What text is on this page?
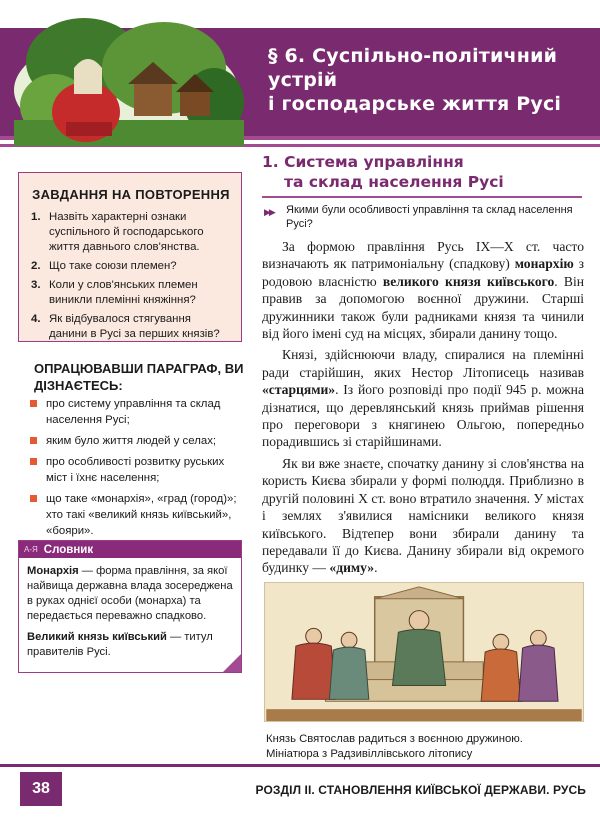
§ 6. Суспільно-політичний устрій
і господарське життя Русі
ЗАВДАННЯ НА ПОВТОРЕННЯ
1. Назвіть характерні ознаки суспільного й господарського життя давнього слов'янства.
2. Що таке союзи племен?
3. Коли у слов'янських племен виникли племінні княжіння?
4. Як відбувалося стягування данини в Русі за перших князів?
ОПРАЦЮВАВШИ ПАРАГРАФ, ВИ ДІЗНАЄТЕСЬ:
про систему управління та склад населення Русі;
яким було життя людей у селах;
про особливості розвитку руських міст і їхнє населення;
що таке «монархія», «град (город)»; хто такі «великий князь київський», «бояри».
А-Я Словник

Монархія — форма правління, за якої найвища державна влада зосереджена в руках однієї особи (монарха) та передається переважно спадково.

Великий князь київський — титул правителів Русі.

1. Система управління
та склад населення Русі
▶▶	Якими були особливості управління та склад населення Русі?

За формою правління Русь IX—X ст. часто визначають як патримоніальну (спадкову) монархію з родовою власністю великого князя київського. Він правив за допомогою воєнної дружини. Старші дружинники також були радниками князя та чинили від його імені суд на місцях, збирали данину тощо.

Князі, здійснюючи владу, спиралися на племінні ради старійшин, яких Нестор Літописець називав «старцями». Із його розповіді про події 945 р. можна дізнатися, що деревлянський князь приймав рішення про переговори з княгинею Ольгою, попередньо порадившись зі старійшинами.

Як ви вже знаєте, спочатку данину зі слов'янства на користь Києва збирали у формі полюддя. Приблизно в другій половині X ст. воно втратило значення. У містах і землях з'явилися намісники великого князя київського. Відтепер вони збирали данину та передавали її до Києва. Данину збирали від окремого будинку — «диму».

Князь Святослав радиться з воєнною дружиною.
Мініатюра з Радзивіллівського літопису
38	РОЗДІЛ ІІ. СТАНОВЛЕННЯ КИЇВСЬКОЇ ДЕРЖАВИ. РУСЬ
